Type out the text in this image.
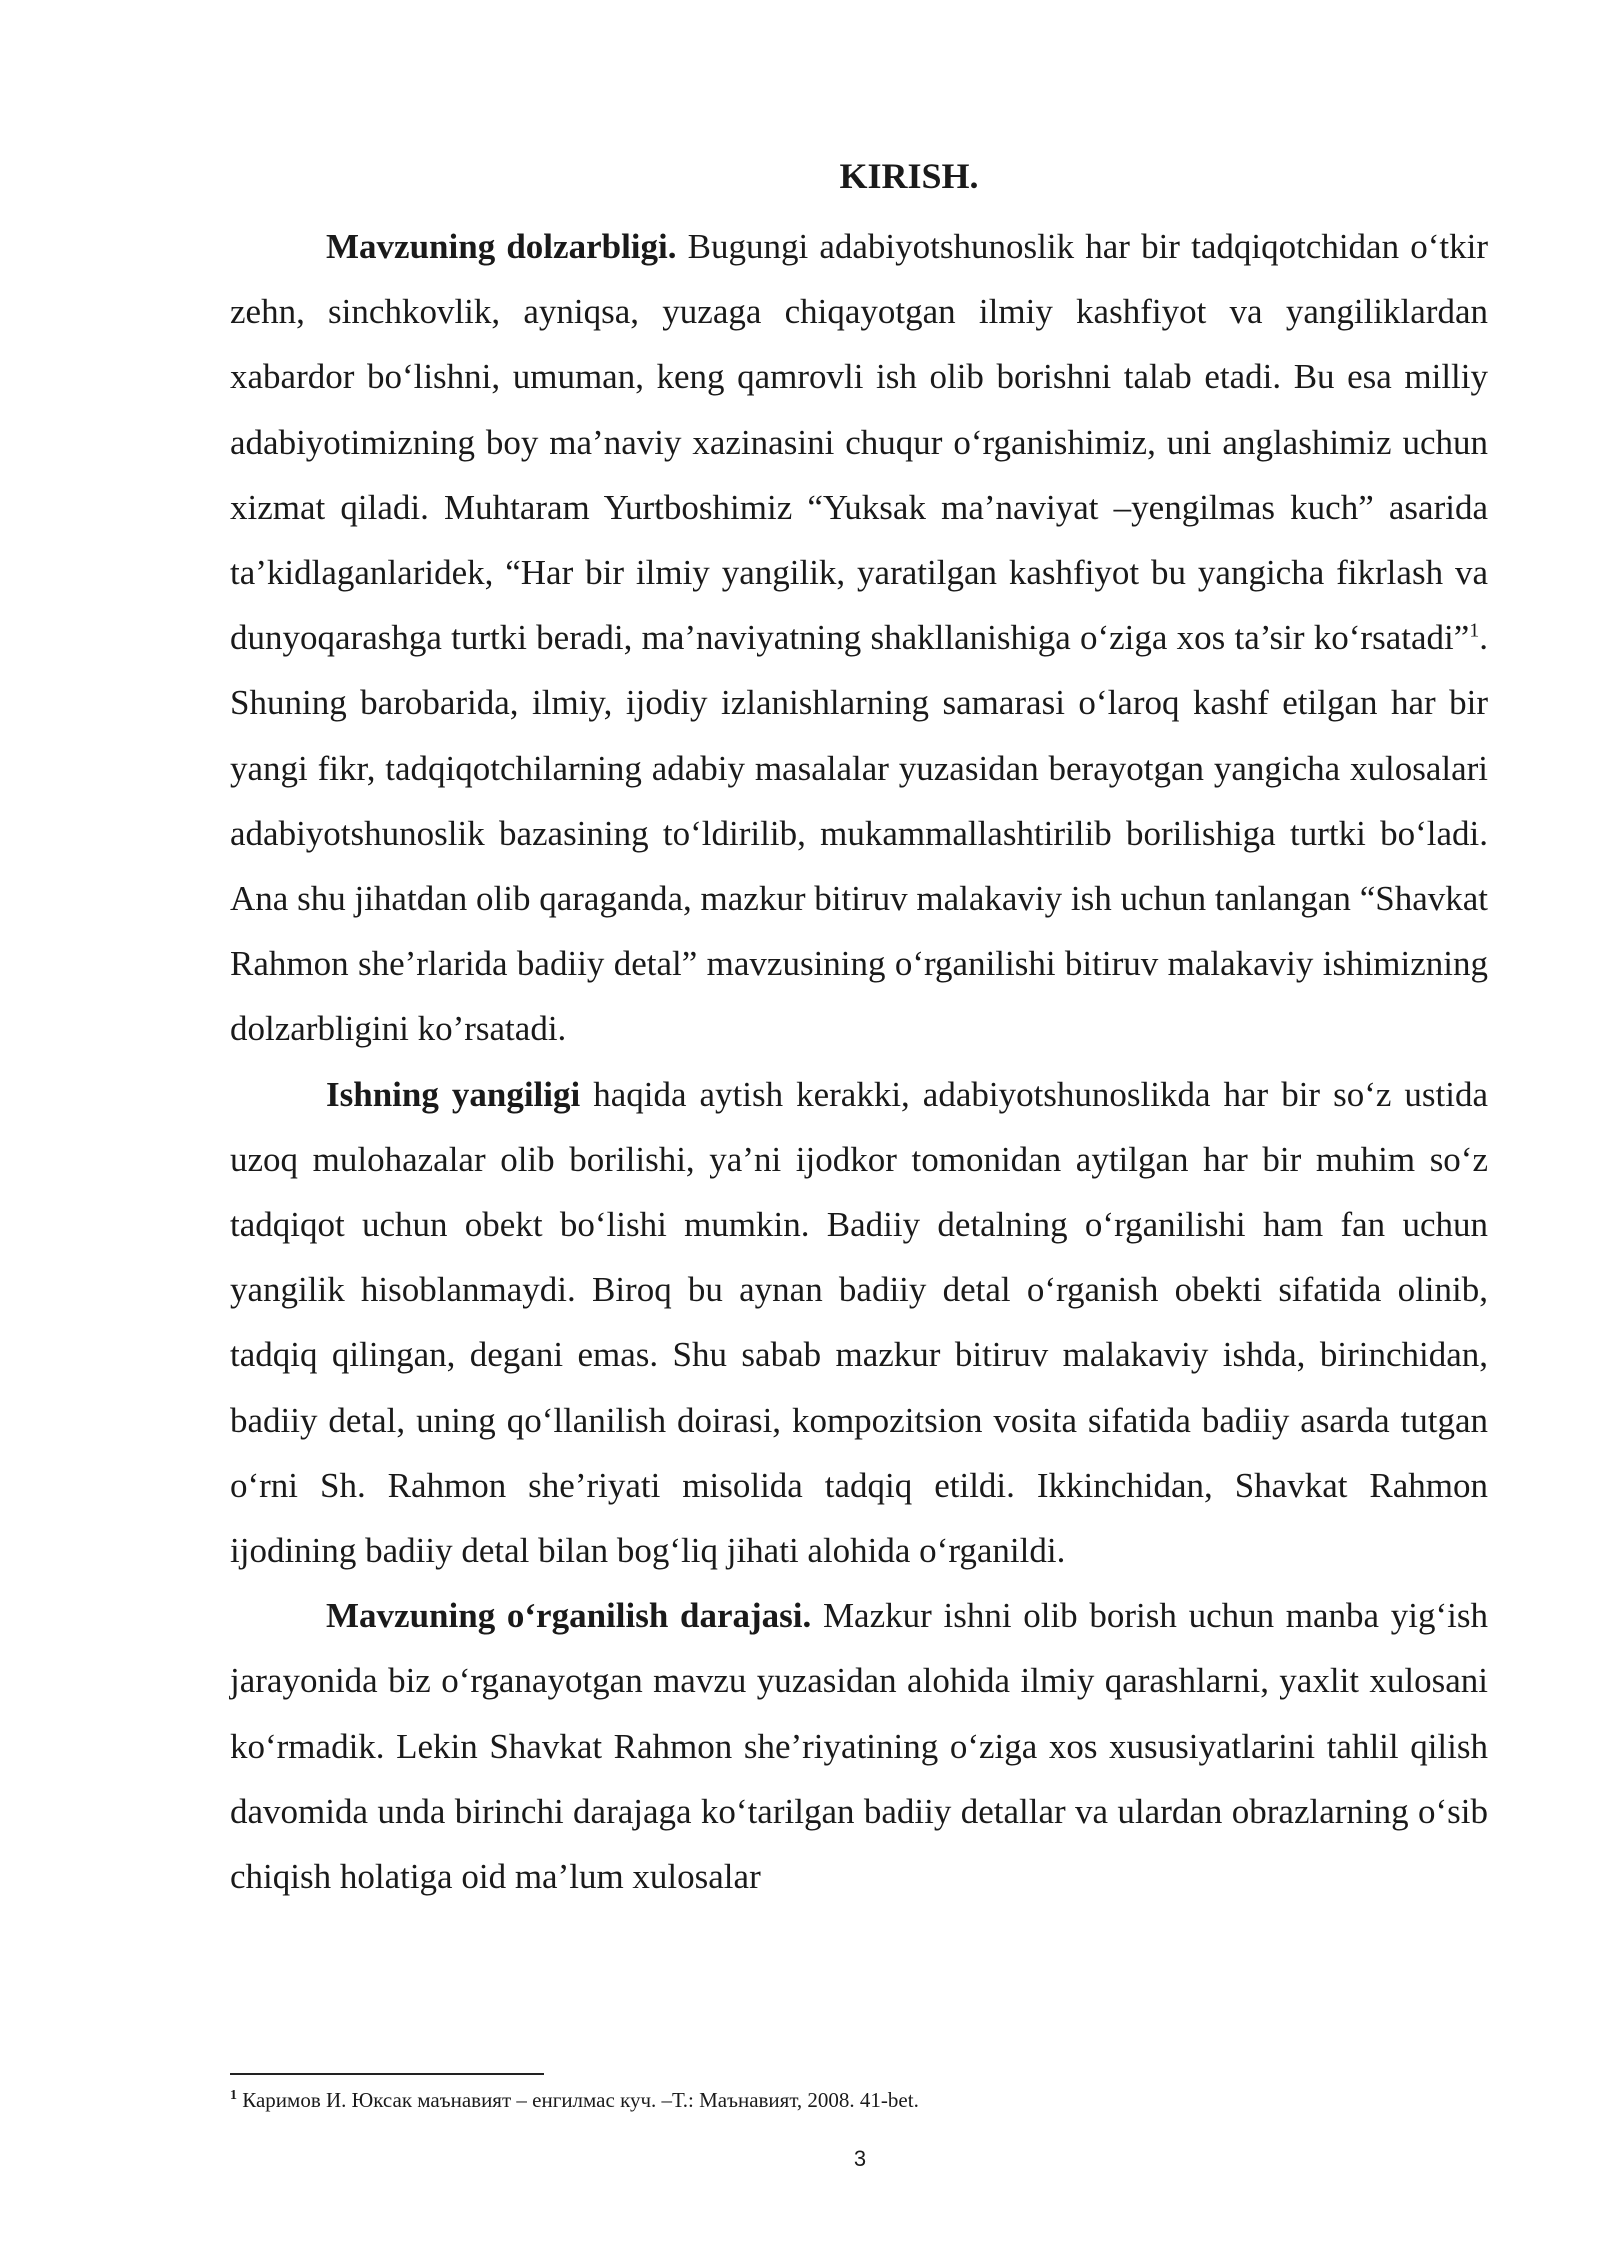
KIRISH.

Mavzuning dolzarbligi. Bugungi adabiyotshunoslik har bir tadqiqotchidan o‘tkir zehn, sinchkovlik, ayniqsa, yuzaga chiqayotgan ilmiy kashfiyot va yangiliklardan xabardor bo‘lishni, umuman, keng qamrovli ish olib borishni talab etadi. Bu esa milliy adabiyotimizning boy ma’naviy xazinasini chuqur o‘rganishimiz, uni anglashimiz uchun xizmat qiladi. Muhtaram Yurtboshimiz “Yuksak ma’naviyat –yengilmas kuch” asarida ta’kidlaganlaridek, “Har bir ilmiy yangilik, yaratilgan kashfiyot bu yangicha fikrlash va dunyoqarashga turtki beradi, ma’naviyatning shakllanishiga o‘ziga xos ta’sir ko‘rsatadi”$^1$. Shuning barobarida, ilmiy, ijodiy izlanishlarning samarasi o‘laroq kashf etilgan har bir yangi fikr, tadqiqotchilarning adabiy masalalar yuzasidan berayotgan yangicha xulosalari adabiyotshunoslik bazasining to‘ldirilib, mukammallashtirilib borilishiga turtki bo‘ladi. Ana shu jihatdan olib qaraganda, mazkur bitiruv malakaviy ish uchun tanlangan “Shavkat Rahmon she’rlarida badiiy detal” mavzusining o‘rganilishi bitiruv malakaviy ishimizning dolzarbligini ko’rsatadi.

Ishning yangiligi haqida aytish kerakki, adabiyotshunoslikda har bir so‘z ustida uzoq mulohazalar olib borilishi, ya’ni ijodkor tomonidan aytilgan har bir muhim so‘z tadqiqot uchun obekt bo‘lishi mumkin. Badiiy detalning o‘rganilishi ham fan uchun yangilik hisoblanmaydi. Biroq bu aynan badiiy detal o‘rganish obekti sifatida olinib, tadqiq qilingan, degani emas. Shu sabab mazkur bitiruv malakaviy ishda, birinchidan, badiiy detal, uning qo‘llanilish doirasi, kompozitsion vosita sifatida badiiy asarda tutgan o‘rni Sh. Rahmon she’riyati misolida tadqiq etildi. Ikkinchidan, Shavkat Rahmon ijodining badiiy detal bilan bog‘liq jihati alohida o‘rganildi.

Mavzuning o‘rganilish darajasi. Mazkur ishni olib borish uchun manba yig‘ish jarayonida biz o‘rganayotgan mavzu yuzasidan alohida ilmiy qarashlarni, yaxlit xulosani ko‘rmadik. Lekin Shavkat Rahmon she’riyatining o‘ziga xos xususiyatlarini tahlil qilish davomida unda birinchi darajaga ko‘tarilgan badiiy detallar va ulardan obrazlarning o‘sib chiqish holatiga oid ma’lum xulosalar

$^1$ Каримов И. Юксак маънавият – енгилмас куч. –Т.: Маънавият, 2008. 41-bet.
3
